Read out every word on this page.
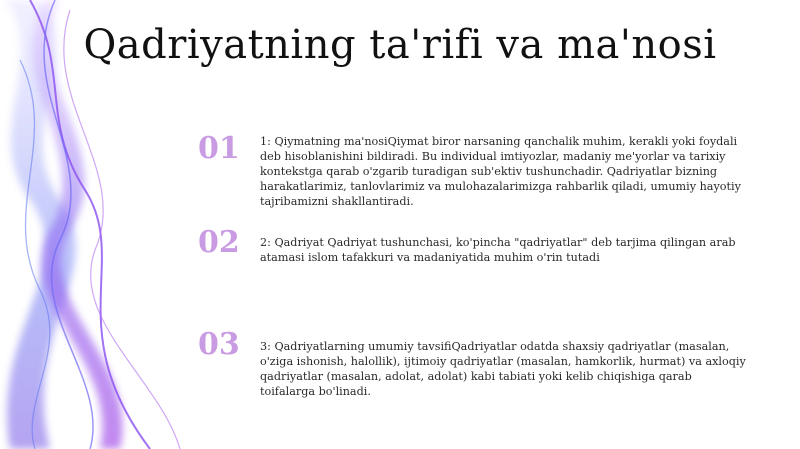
Qadriyatning ta'rifi va ma'nosi
01	1: Qiymatning ma'nosiQiymat biror narsaning qanchalik muhim, kerakli yoki foydali deb hisoblanishini bildiradi. Bu individual imtiyozlar, madaniy me'yorlar va tarixiy kontekstga qarab o'zgarib turadigan sub'ektiv tushunchadir. Qadriyatlar bizning harakatlarimiz, tanlovlarimiz va mulohazalarimizga rahbarlik qiladi, umumiy hayotiy tajribamizni shakllantiradi.
02	2: Qadriyat Qadriyat tushunchasi, ko'pincha "qadriyatlar" deb tarjima qilingan arab atamasi islom tafakkuri va madaniyatida muhim o'rin tutadi
03	3: Qadriyatlarning umumiy tavsifiQadriyatlar odatda shaxsiy qadriyatlar (masalan, o'ziga ishonish, halollik), ijtimoiy qadriyatlar (masalan, hamkorlik, hurmat) va axloqiy qadriyatlar (masalan, adolat, adolat) kabi tabiati yoki kelib chiqishiga qarab toifalarga bo'linadi.
